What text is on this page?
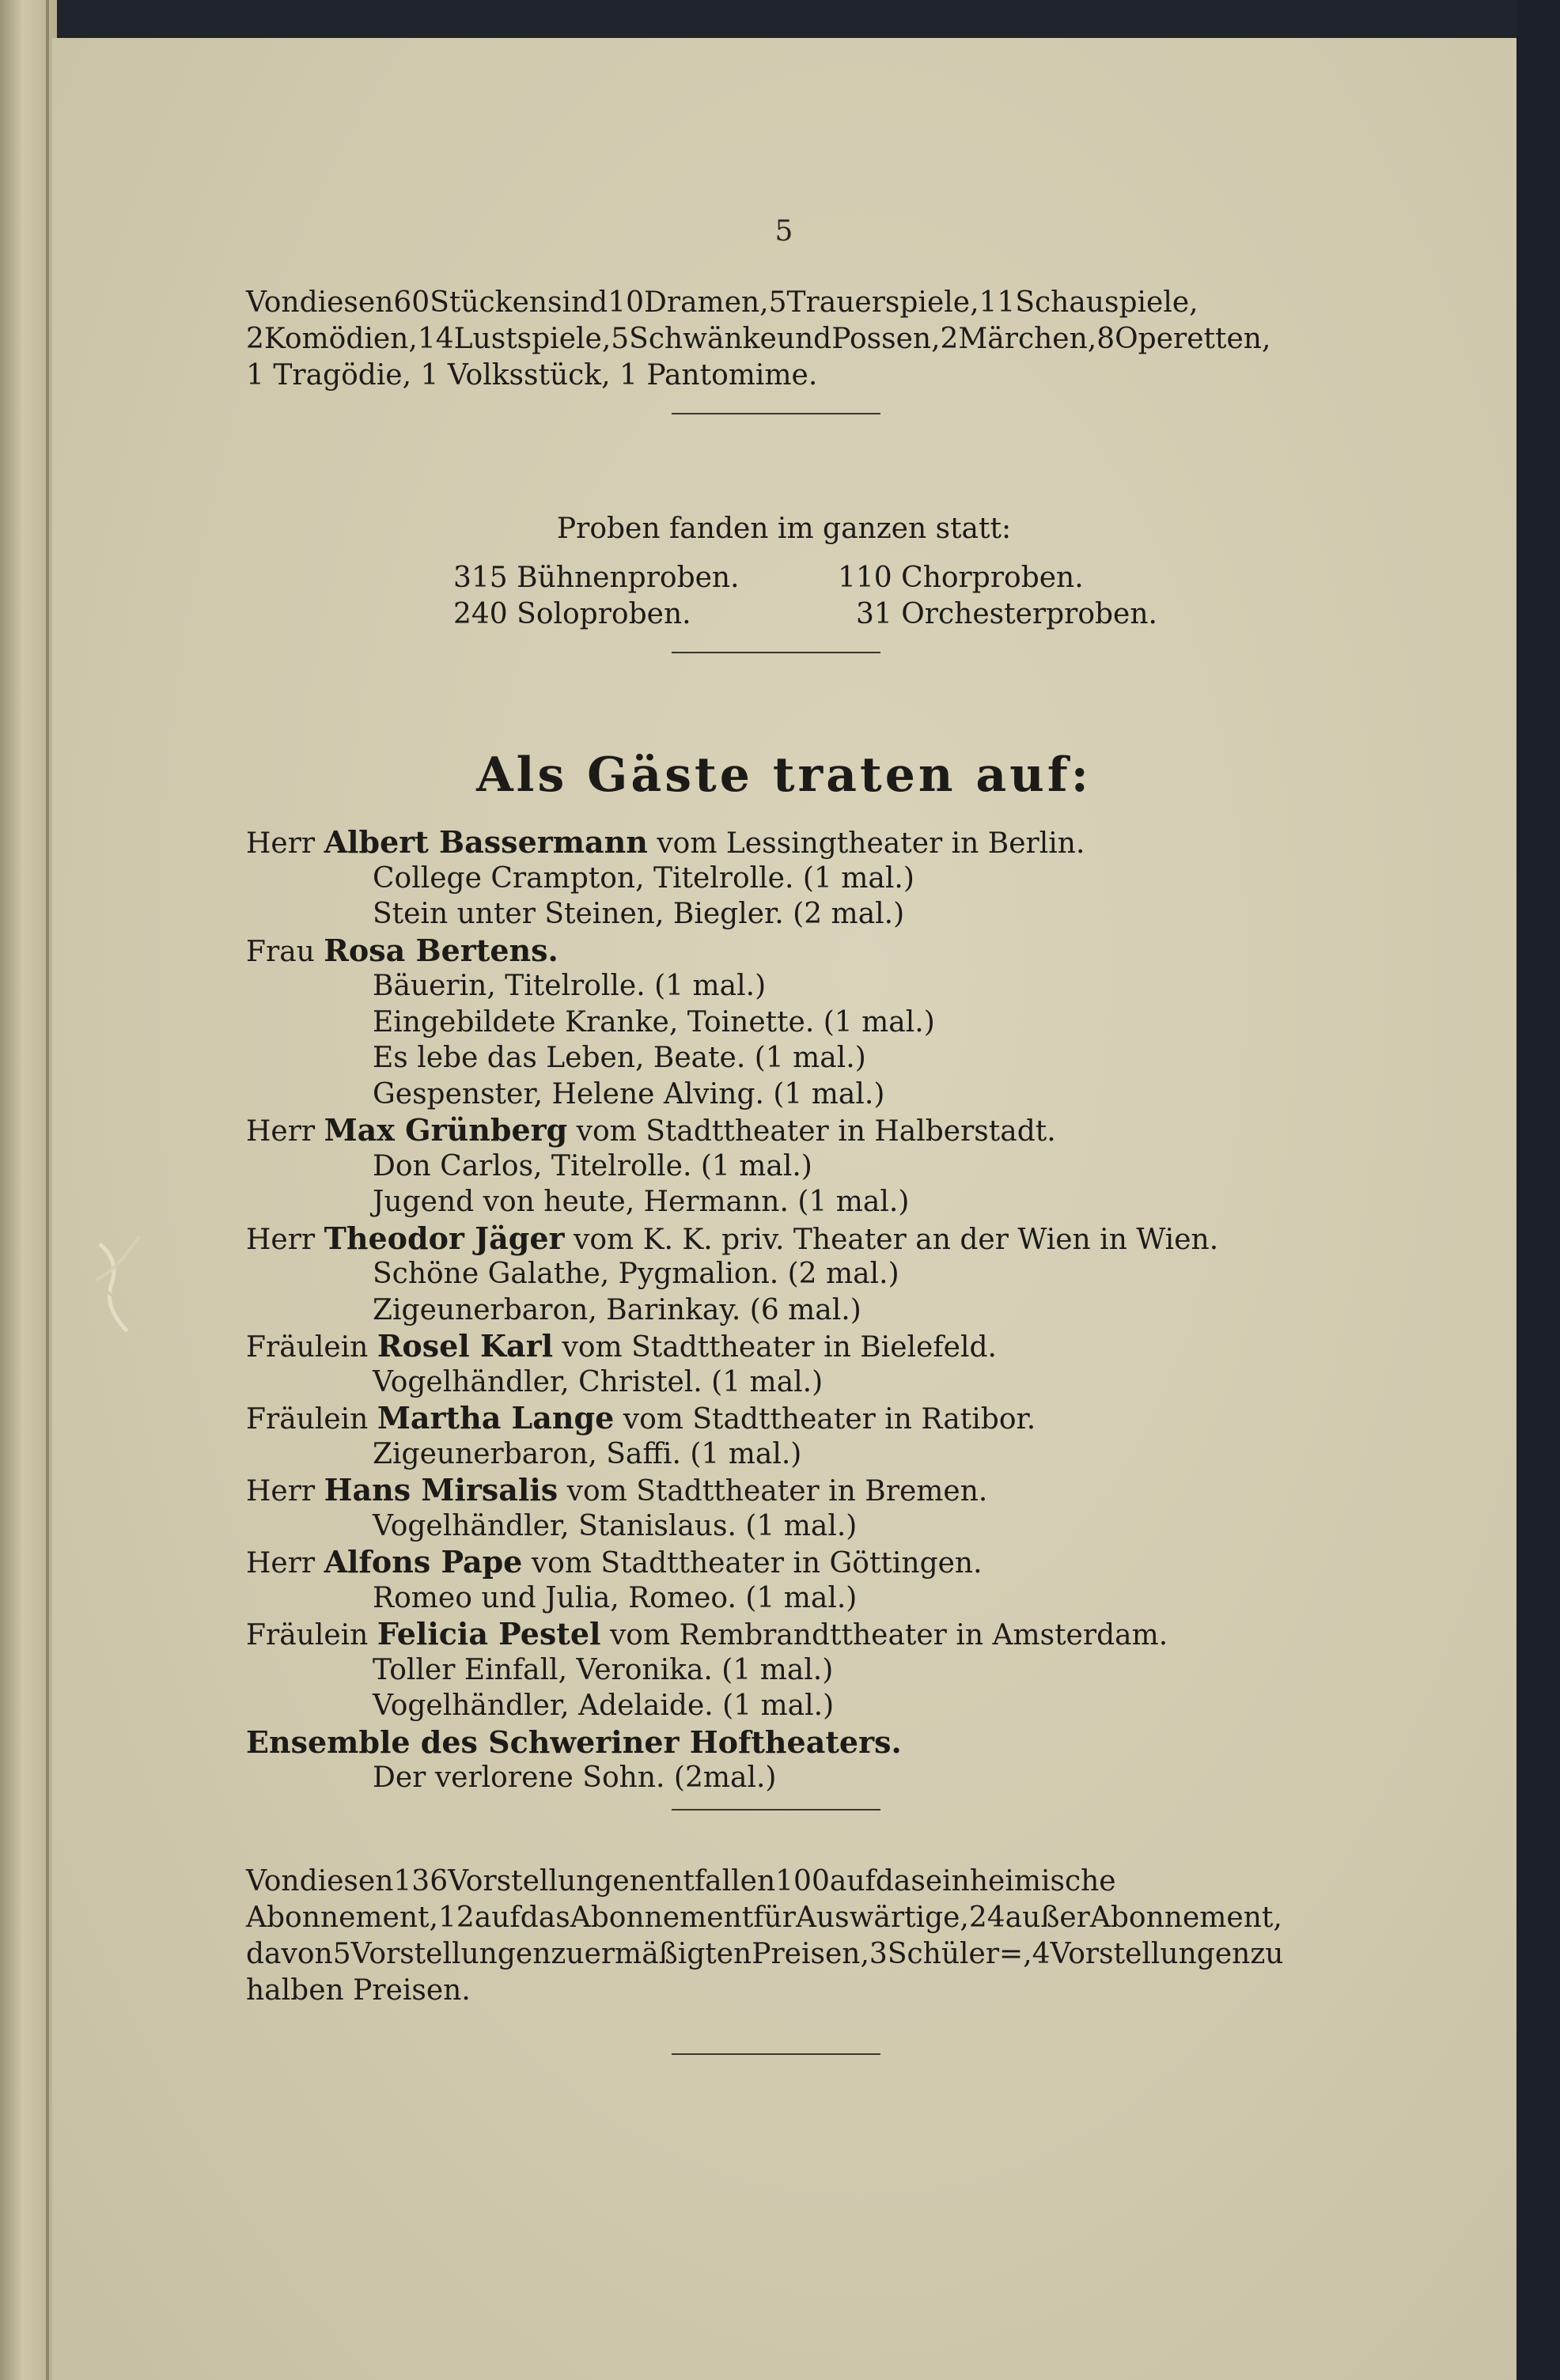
5
Vondiesen60Stückensind10Dramen,5Trauerspiele,11Schauspiele,
2Komödien,14Lustspiele,5SchwänkeundPossen,2Märchen,8Operetten,
1 Tragödie, 1 Volksstück, 1 Pantomime.
Proben fanden im ganzen statt:
315 Bühnenproben.	110 Chorproben.
240 Soloproben.	31 Orchesterproben.
Als Gäste traten auf:
Herr Albert Bassermann vom Lessingtheater in Berlin.
College Crampton, Titelrolle. (1 mal.)
Stein unter Steinen, Biegler. (2 mal.)
Frau Rosa Bertens.
Bäuerin, Titelrolle. (1 mal.)
Eingebildete Kranke, Toinette. (1 mal.)
Es lebe das Leben, Beate. (1 mal.)
Gespenster, Helene Alving. (1 mal.)
Herr Max Grünberg vom Stadttheater in Halberstadt.
Don Carlos, Titelrolle. (1 mal.)
Jugend von heute, Hermann. (1 mal.)
Herr Theodor Jäger vom K. K. priv. Theater an der Wien in Wien.
Schöne Galathe, Pygmalion. (2 mal.)
Zigeunerbaron, Barinkay. (6 mal.)
Fräulein Rosel Karl vom Stadttheater in Bielefeld.
Vogelhändler, Christel. (1 mal.)
Fräulein Martha Lange vom Stadttheater in Ratibor.
Zigeunerbaron, Saffi. (1 mal.)
Herr Hans Mirsalis vom Stadttheater in Bremen.
Vogelhändler, Stanislaus. (1 mal.)
Herr Alfons Pape vom Stadttheater in Göttingen.
Romeo und Julia, Romeo. (1 mal.)
Fräulein Felicia Pestel vom Rembrandttheater in Amsterdam.
Toller Einfall, Veronika. (1 mal.)
Vogelhändler, Adelaide. (1 mal.)
Ensemble des Schweriner Hoftheaters.
Der verlorene Sohn. (2mal.)
Vondiesen136Vorstellungenentfallen100aufdaseinheimische
Abonnement,12aufdasAbonnementfürAuswärtige,24außerAbonnement,
davon5VorstellungenzuermäßigtenPreisen,3Schüler=,4Vorstellungenzu
halben Preisen.
